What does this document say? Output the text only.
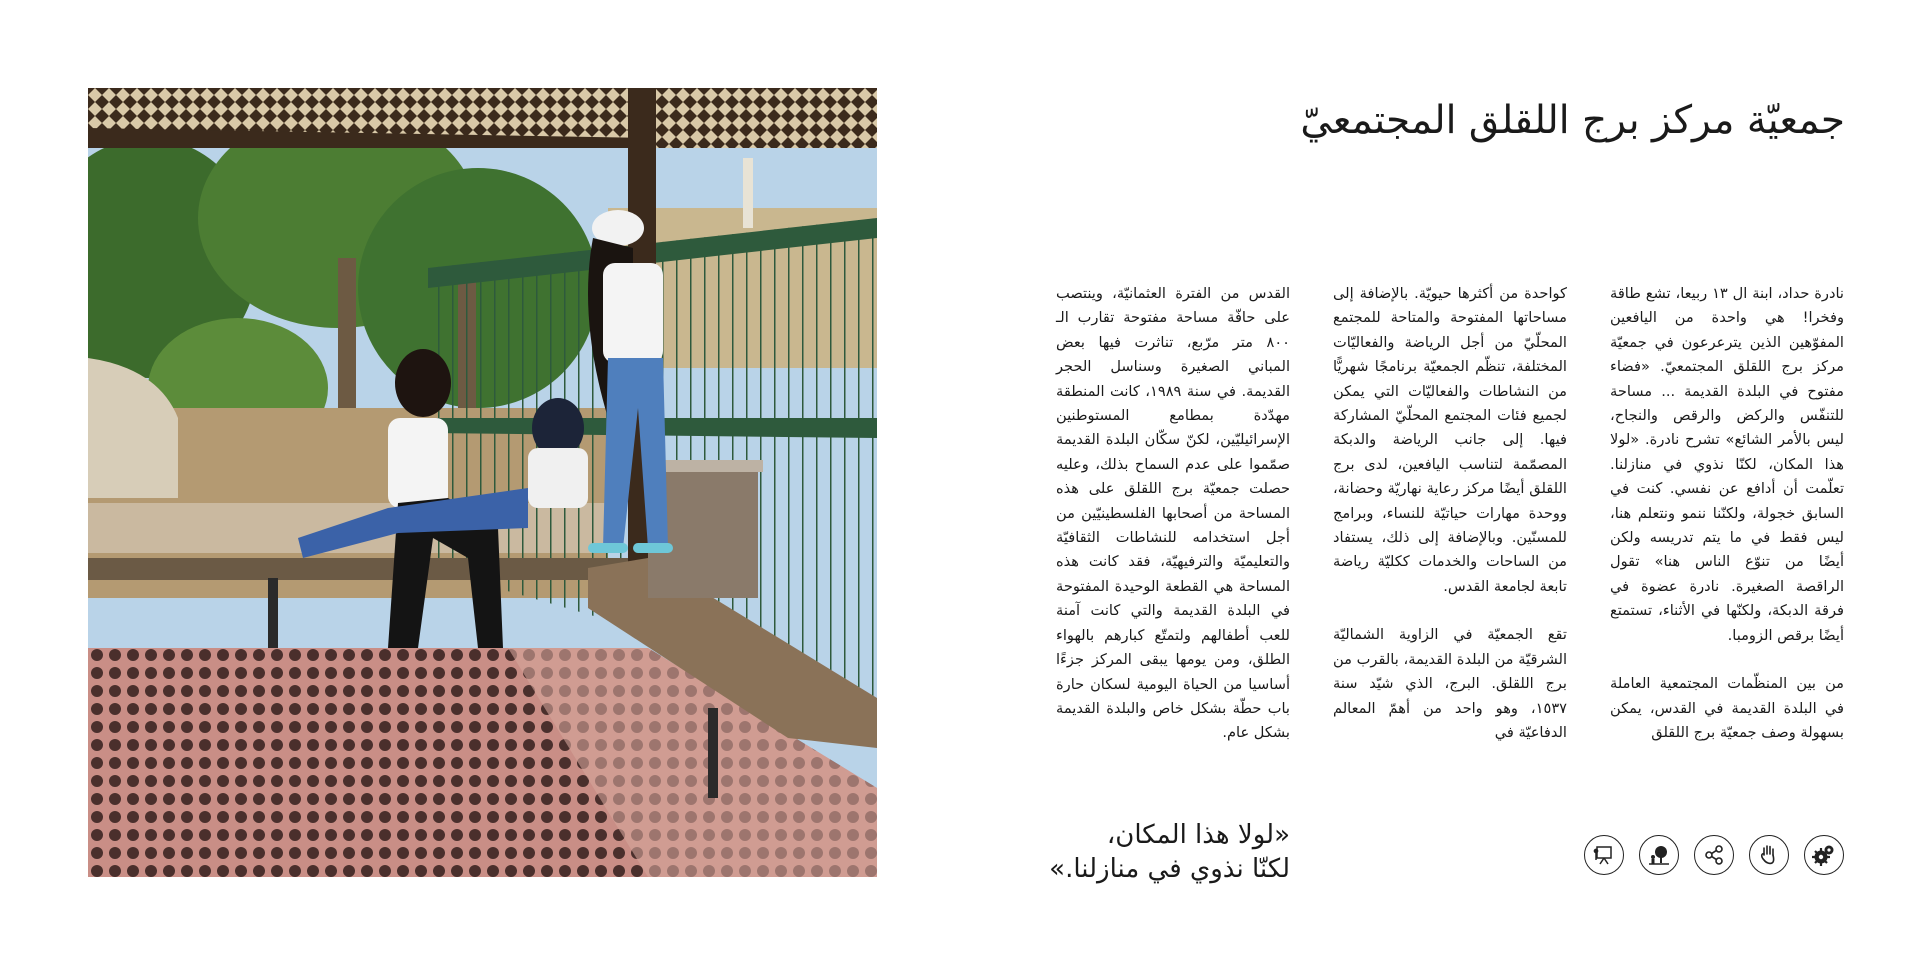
جمعيّة مركز برج اللقلق المجتمعيّ

نادرة حداد، ابنة ال ١٣ ربيعا، تشع طاقة وفخرا! هي واحدة من اليافعين المفوّهين الذين يترعرعون في جمعيّة مركز برج اللقلق المجتمعيّ. «فضاء مفتوح في البلدة القديمة ... مساحة للتنفّس والركض والرقص والنجاح، ليس بالأمر الشائع» تشرح نادرة. «لولا هذا المكان، لكنّا نذوي في منازلنا. تعلّمت أن أدافع عن نفسي. كنت في السابق خجولة، ولكنّنا ننمو ونتعلم هنا، ليس فقط في ما يتم تدريسه ولكن أيضًا من تنوّع الناس هنا» تقول الراقصة الصغيرة. نادرة عضوة في فرقة الدبكة، ولكنّها في الأثناء، تستمتع أيضًا برقص الزومبا.

من بين المنظّمات المجتمعية العاملة في البلدة القديمة في القدس، يمكن بسهولة وصف جمعيّة برج اللقلق

كواحدة من أكثرها حيويّة. بالإضافة إلى مساحاتها المفتوحة والمتاحة للمجتمع المحلّيّ من أجل الرياضة والفعاليّات المختلفة، تنظّم الجمعيّة برنامجًا شهريًّا من النشاطات والفعاليّات التي يمكن لجميع فئات المجتمع المحلّيّ المشاركة فيها. إلى جانب الرياضة والدبكة المصمّمة لتناسب اليافعين، لدى برج اللقلق أيضًا مركز رعاية نهاريّة وحضانة، ووحدة مهارات حياتيّة للنساء، وبرامج للمسنّين. وبالإضافة إلى ذلك، يستفاد من الساحات والخدمات ككليّة رياضة تابعة لجامعة القدس.

تقع الجمعيّة في الزاوية الشماليّة الشرقيّة من البلدة القديمة، بالقرب من برج اللقلق. البرج، الذي شيّد سنة ١٥٣٧، وهو واحد من أهمّ المعالم الدفاعيّة في

القدس من الفترة العثمانيّة، وينتصب على حافّة مساحة مفتوحة تقارب الـ ٨٠٠ متر مرّبع، تناثرت فيها بعض المباني الصغيرة وسناسل الحجر القديمة. في سنة ١٩٨٩، كانت المنطقة مهدّدة بمطامع المستوطنين الإسرائيليّين، لكنّ سكّان البلدة القديمة صمّموا على عدم السماح بذلك، وعليه حصلت جمعيّة برج اللقلق على هذه المساحة من أصحابها الفلسطينيّين من أجل استخدامه للنشاطات الثقافيّة والتعليميّة والترفيهيّة، فقد كانت هذه المساحة هي القطعة الوحيدة المفتوحة في البلدة القديمة والتي كانت آمنة للعب أطفالهم ولتمتّع كبارهم بالهواء الطلق، ومن يومها يبقى المركز جزءًا أساسيا من الحياة اليومية لسكان حارة باب حطّة بشكل خاص والبلدة القديمة بشكل عام.

«لولا هذا المكان،
لكنّا نذوي في منازلنا.»
